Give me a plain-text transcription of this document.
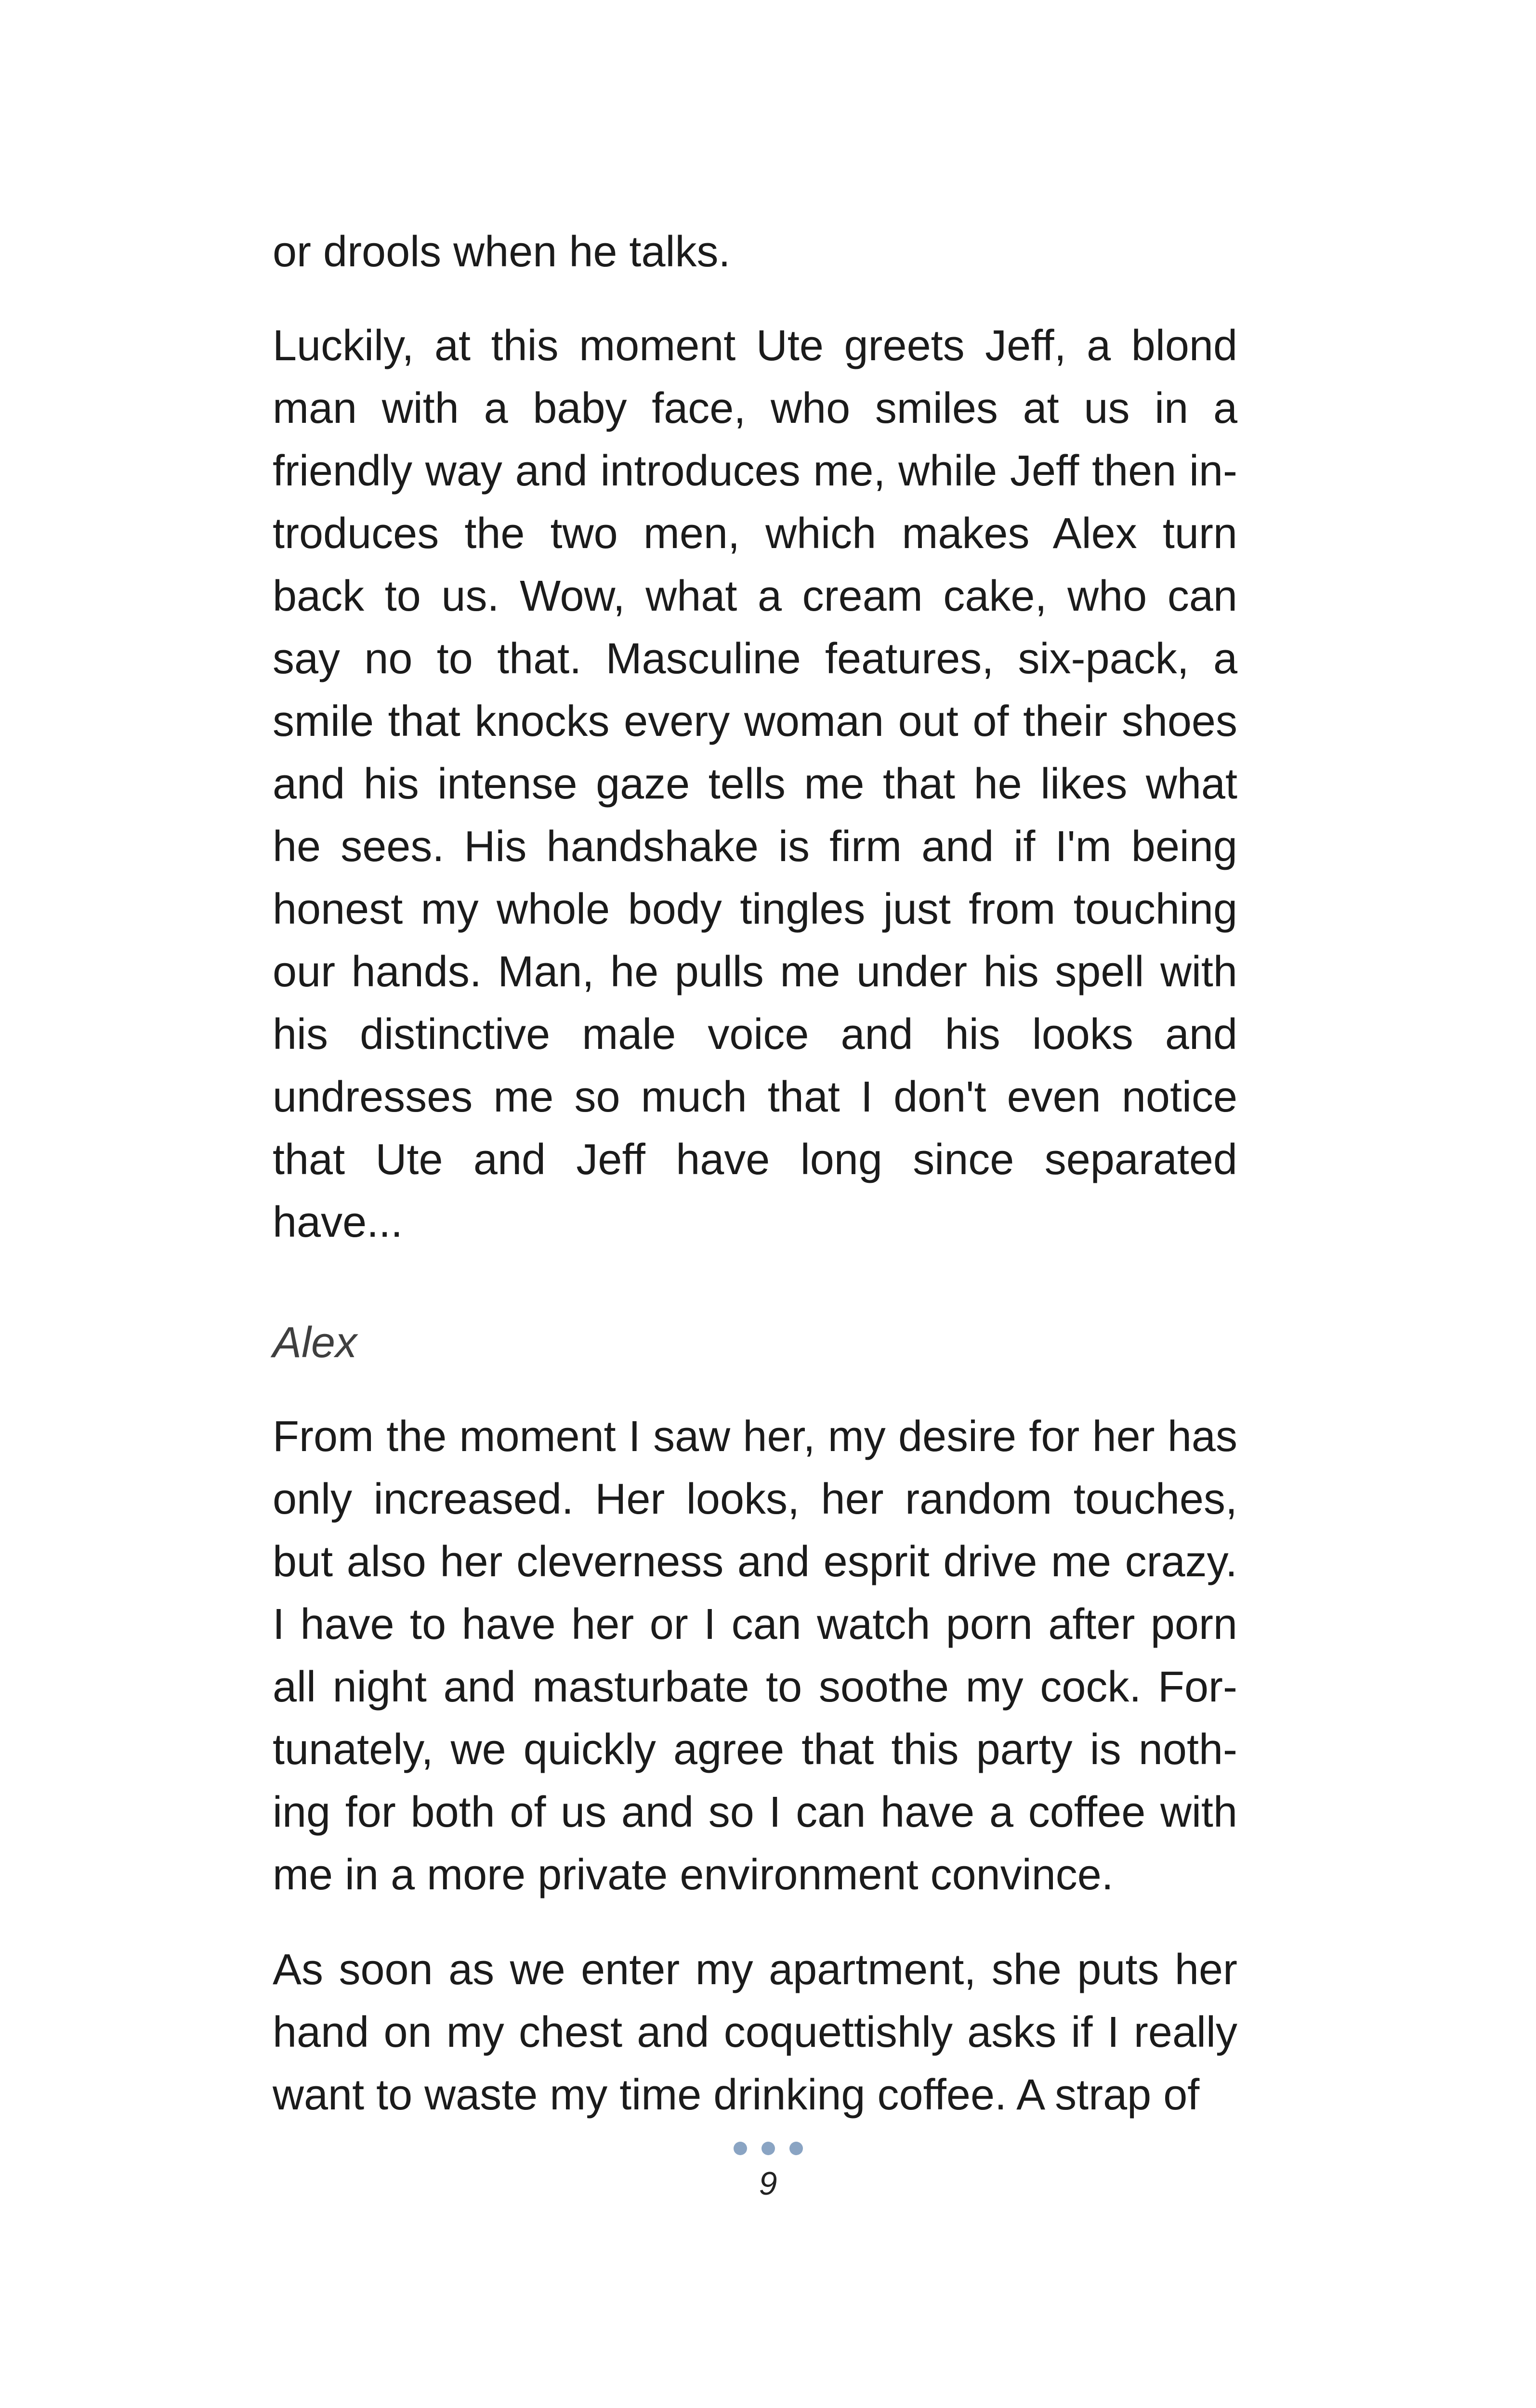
or drools when he talks.

Luckily, at this moment Ute greets Jeff, a blond man with a baby face, who smiles at us in a friendly way and introduces me, while Jeff then introduces the two men, which makes Alex turn back to us. Wow, what a cream cake, who can say no to that. Masculine features, six-pack, a smile that knocks every woman out of their shoes and his intense gaze tells me that he likes what he sees. His handshake is firm and if I'm being honest my whole body tingles just from touching our hands. Man, he pulls me under his spell with his distinctive male voice and his looks and undresses me so much that I don't even notice that Ute and Jeff have long since separated have...

Alex

From the moment I saw her, my desire for her has only increased. Her looks, her random touches, but also her cleverness and esprit drive me crazy. I have to have her or I can watch porn after porn all night and masturbate to soothe my cock. Fortunately, we quickly agree that this party is nothing for both of us and so I can have a coffee with me in a more private environment convince.

As soon as we enter my apartment, she puts her hand on my chest and coquettishly asks if I really want to waste my time drinking coffee. A strap of

9
